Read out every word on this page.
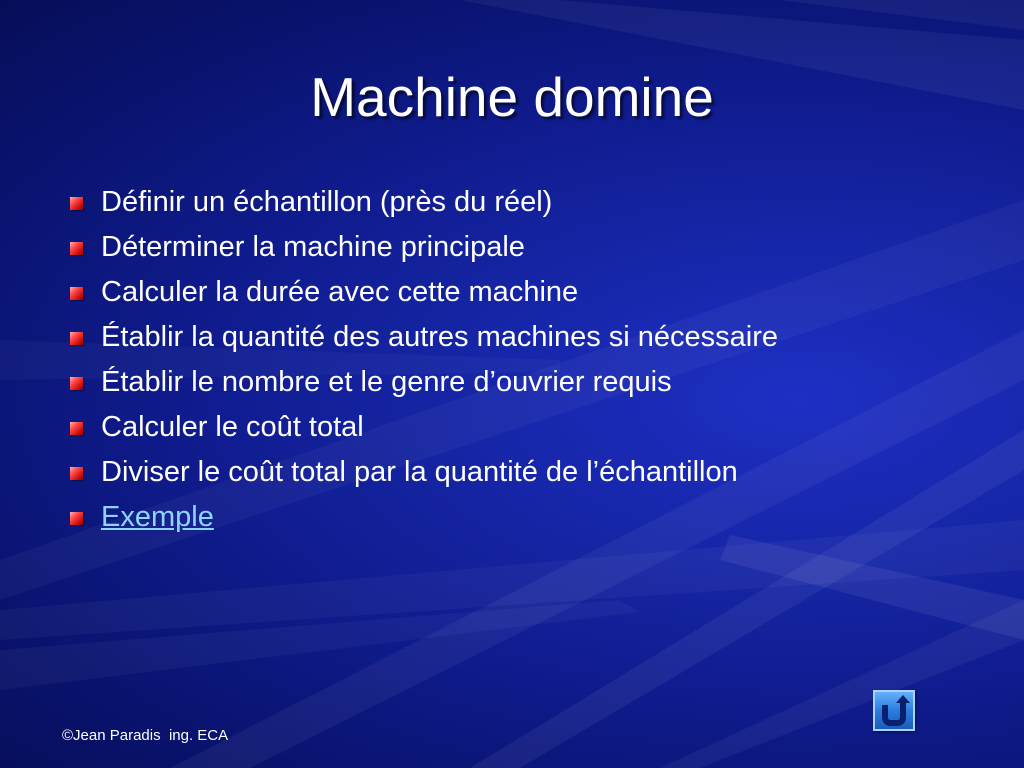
Machine domine
Définir un échantillon (près du réel)
Déterminer la machine principale
Calculer la durée avec cette machine
Établir la quantité des autres machines si nécessaire
Établir le nombre et le genre d’ouvrier requis
Calculer le coût total
Diviser le coût total par la quantité de l’échantillon
Exemple
©Jean Paradis  ing. ECA
